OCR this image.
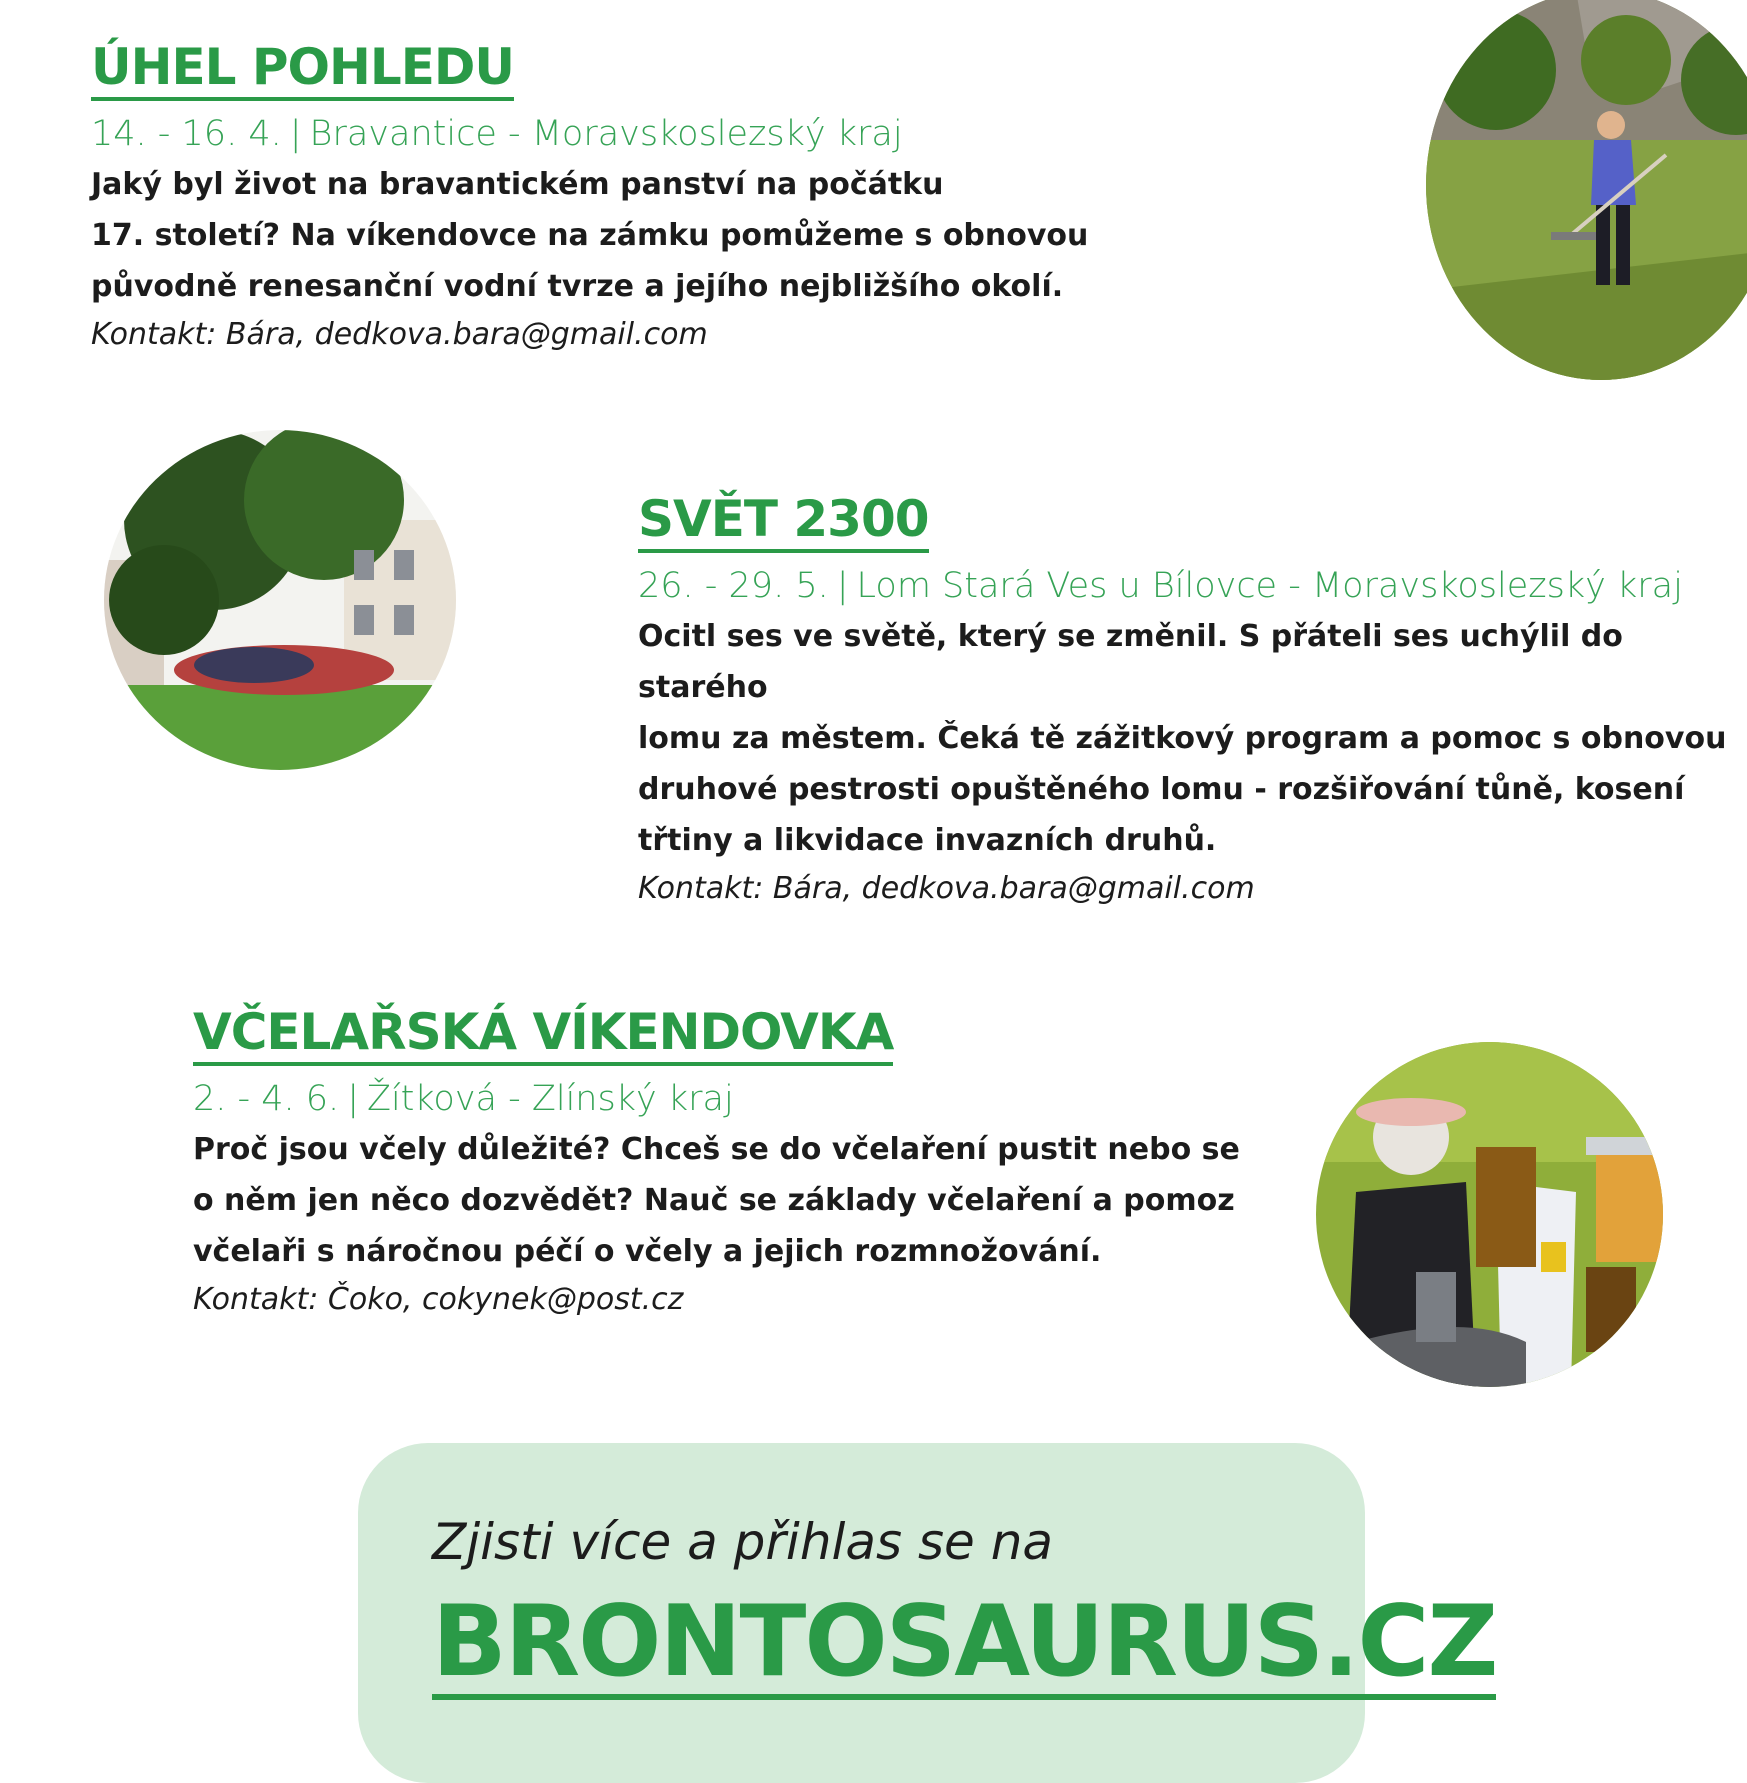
ÚHEL POHLEDU
14. - 16. 4. | Bravantice - Moravskoslezský kraj
Jaký byl život na bravantickém panství na počátku
17. století? Na víkendovce na zámku pomůžeme s obnovou
původně renesanční vodní tvrze a jejího nejbližšího okolí.
Kontakt: Bára, dedkova.bara@gmail.com
SVĚT 2300
26. - 29. 5. | Lom Stará Ves u Bílovce - Moravskoslezský kraj
Ocitl ses ve světě, který se změnil. S přáteli ses uchýlil do starého
lomu za městem. Čeká tě zážitkový program a pomoc s obnovou
druhové pestrosti opuštěného lomu - rozšiřování tůně, kosení
třtiny a likvidace invazních druhů.
Kontakt: Bára, dedkova.bara@gmail.com
VČELAŘSKÁ VÍKENDOVKA
2. - 4. 6. | Žítková - Zlínský kraj
Proč jsou včely důležité? Chceš se do včelaření pustit nebo se
o něm jen něco dozvědět? Nauč se základy včelaření a pomoz
včelaři s náročnou péčí o včely a jejich rozmnožování.
Kontakt: Čoko, cokynek@post.cz
Zjisti více a přihlas se na
BRONTOSAURUS.CZ
